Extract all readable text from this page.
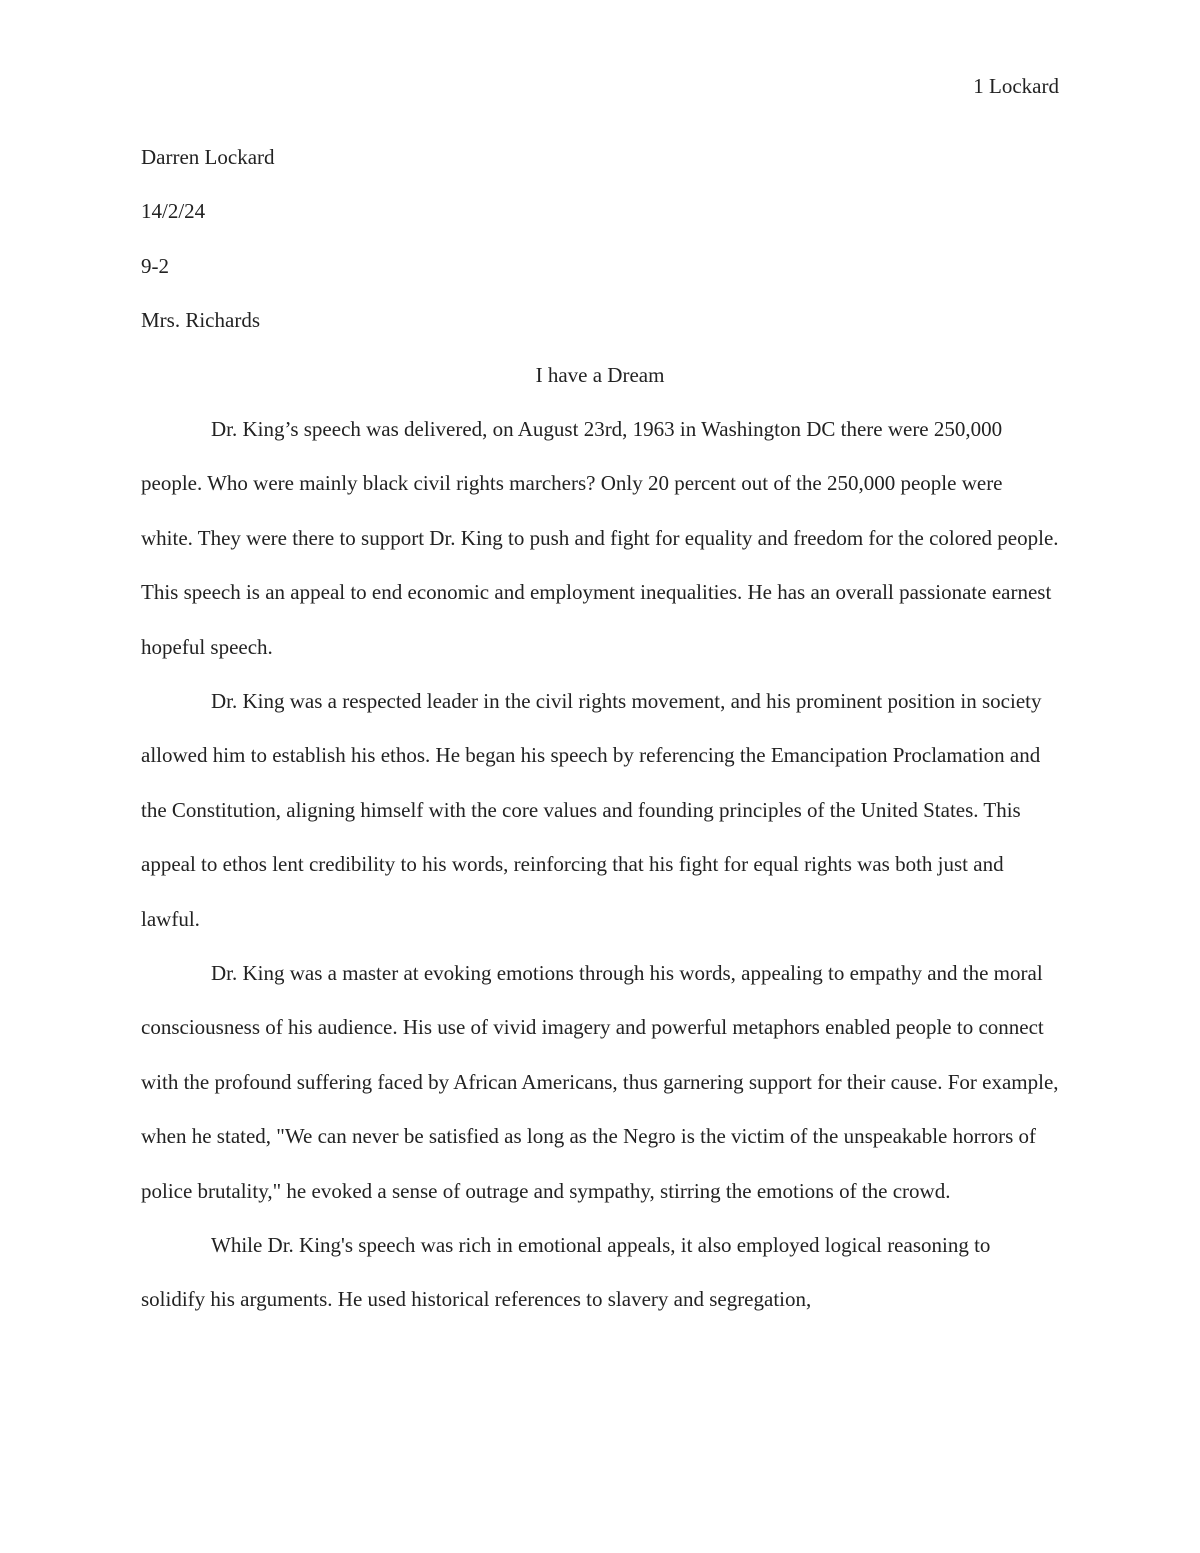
1 Lockard

Darren Lockard

14/2/24

9-2

Mrs. Richards

I have a Dream

Dr. King’s speech was delivered, on August 23rd, 1963 in Washington DC there were 250,000 people. Who were mainly black civil rights marchers? Only 20 percent out of the 250,000 people were white. They were there to support Dr. King to push and fight for equality and freedom for the colored people. This speech is an appeal to end economic and employment inequalities. He has an overall passionate earnest hopeful speech.

Dr. King was a respected leader in the civil rights movement, and his prominent position in society allowed him to establish his ethos. He began his speech by referencing the Emancipation Proclamation and the Constitution, aligning himself with the core values and founding principles of the United States. This appeal to ethos lent credibility to his words, reinforcing that his fight for equal rights was both just and lawful.

Dr. King was a master at evoking emotions through his words, appealing to empathy and the moral consciousness of his audience. His use of vivid imagery and powerful metaphors enabled people to connect with the profound suffering faced by African Americans, thus garnering support for their cause. For example, when he stated, "We can never be satisfied as long as the Negro is the victim of the unspeakable horrors of police brutality," he evoked a sense of outrage and sympathy, stirring the emotions of the crowd.

While Dr. King's speech was rich in emotional appeals, it also employed logical reasoning to solidify his arguments. He used historical references to slavery and segregation,
